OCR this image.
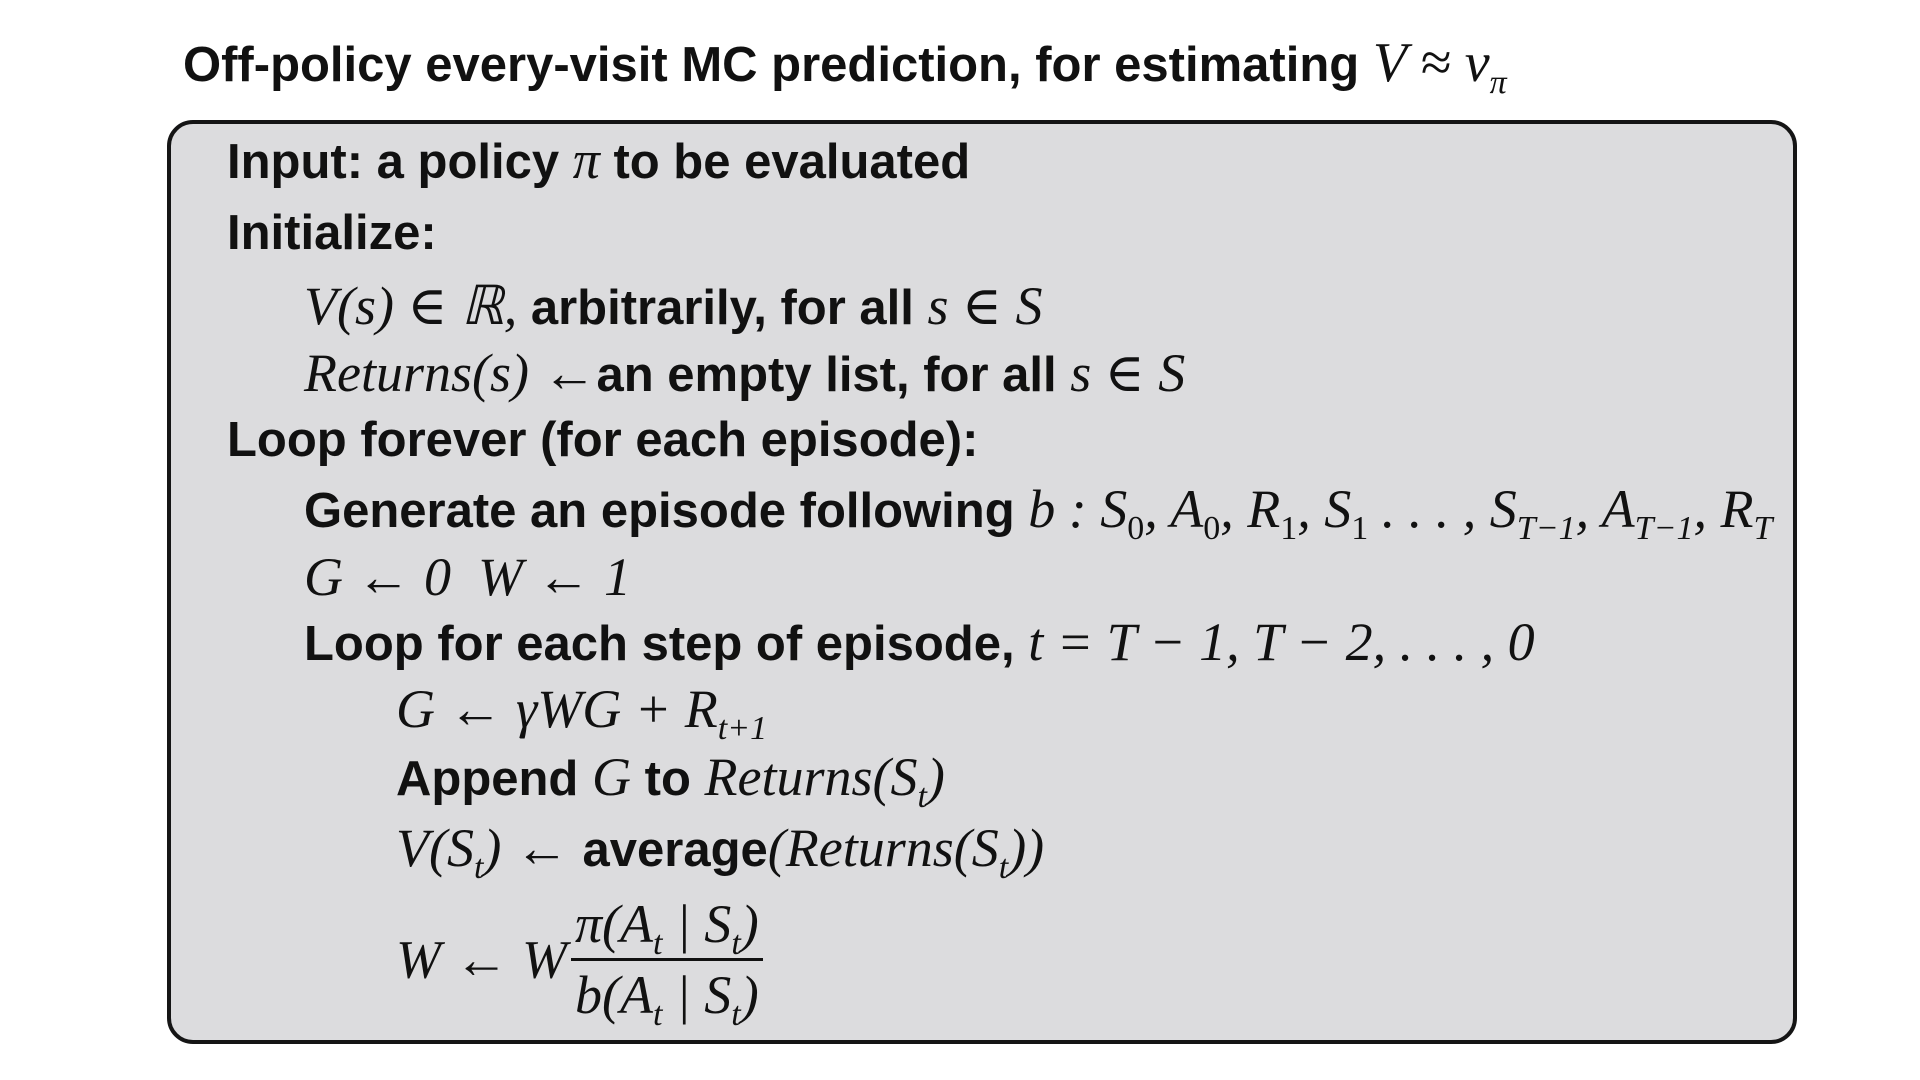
Off-policy every-visit MC prediction, for estimating $V \approx v_\pi$
Input: a policy π to be evaluated
Initialize:
V(s) ∈ ℝ, arbitrarily, for all s ∈ S
Returns(s) ←an empty list, for all s ∈ S
Loop forever (for each episode):
Generate an episode following b : $S_0$, $A_0$, $R_1$, $S_1$ . . . , $S_{T-1}$, $A_{T-1}$, $R_T$
G ← 0  W ← 1
Loop for each step of episode, t = T − 1, T − 2, . . . , 0
G ← $\gamma WG + R_{t+1}$
Append G to $Returns(S_t)$
$V(S_t)$ ← $average(Returns(S_t))$
W ← W $\frac{\pi(A_t | S_t)}{b(A_t | S_t)}$
